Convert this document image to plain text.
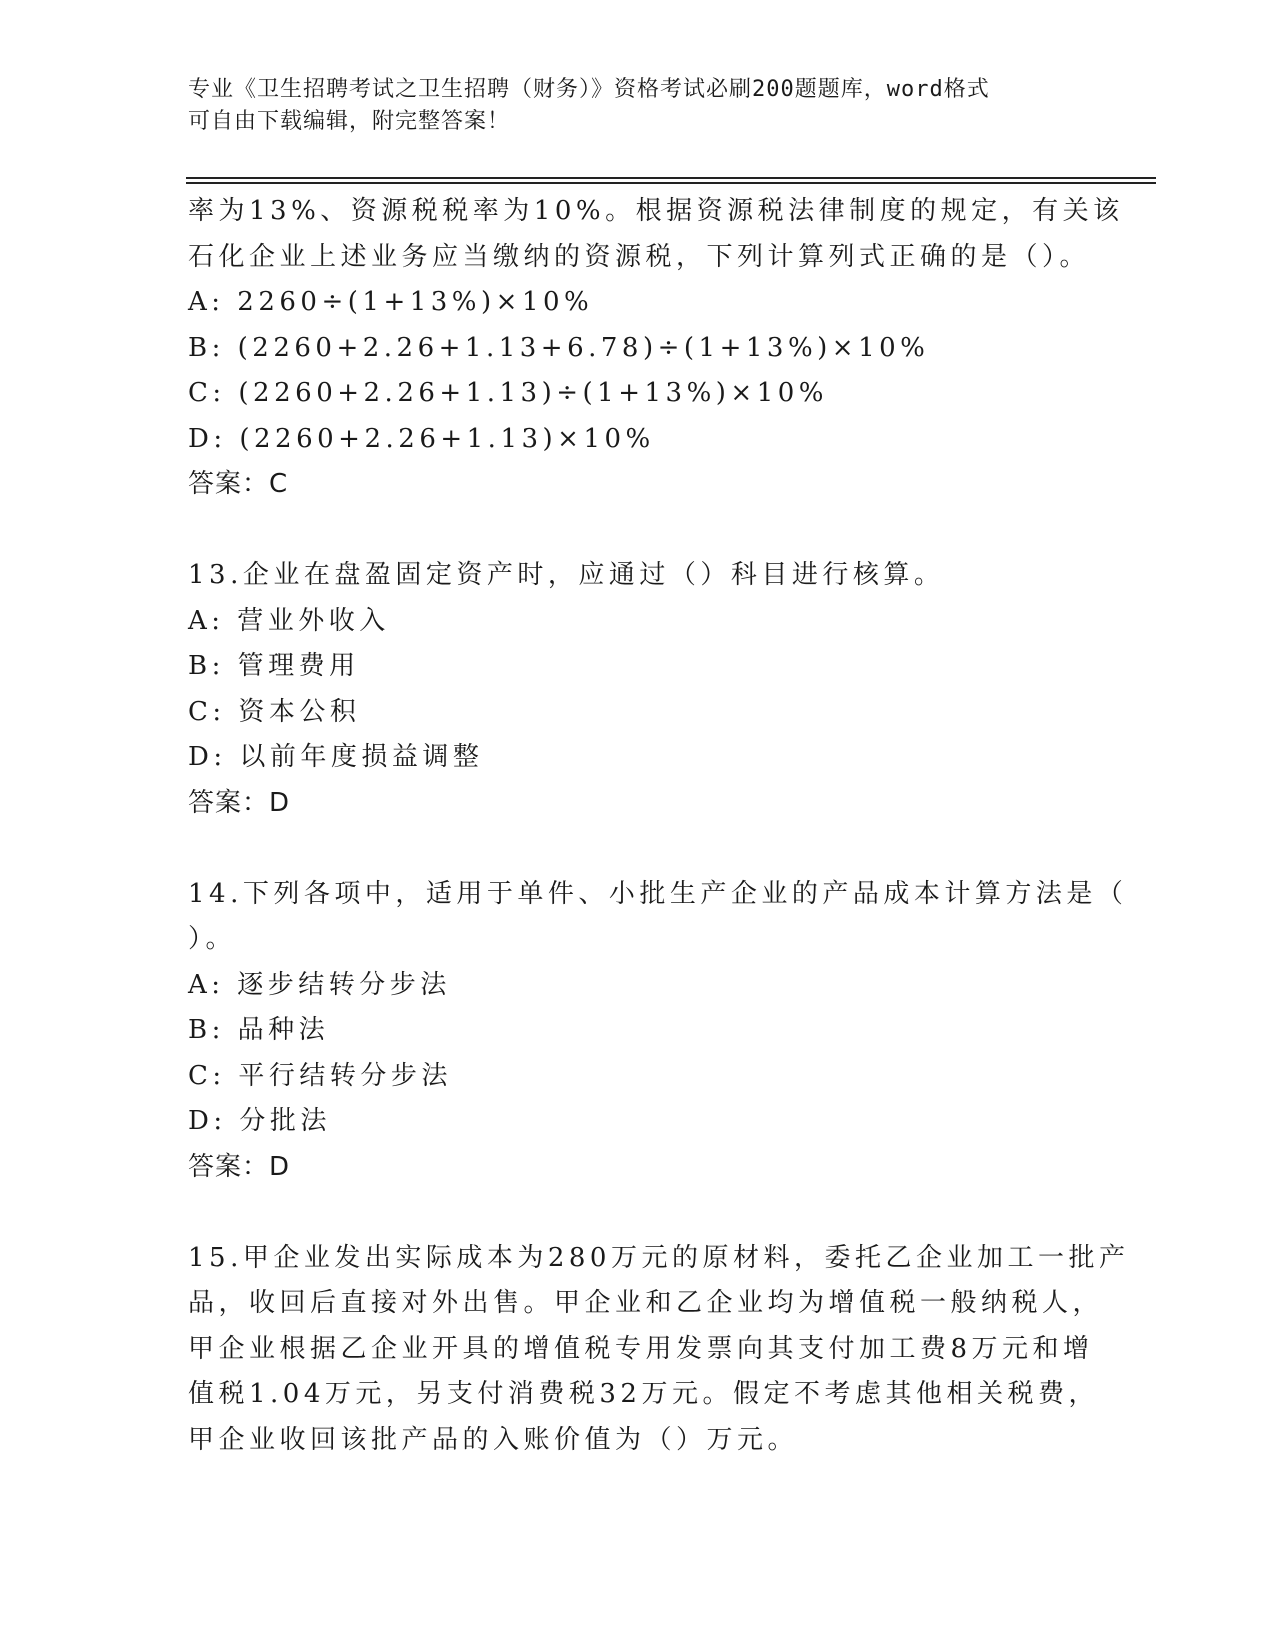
专业《卫生招聘考试之卫生招聘（财务）》资格考试必刷200题题库，word格式
可自由下载编辑，附完整答案！
率为13%、资源税税率为10%。根据资源税法律制度的规定，有关该
石化企业上述业务应当缴纳的资源税，下列计算列式正确的是（）。
A: 2260÷(1+13%)×10%
B: (2260+2.26+1.13+6.78)÷(1+13%)×10%
C: (2260+2.26+1.13)÷(1+13%)×10%
D: (2260+2.26+1.13)×10%
答案：C
13.企业在盘盈固定资产时，应通过（）科目进行核算。
A: 营业外收入
B: 管理费用
C: 资本公积
D: 以前年度损益调整
答案：D
14.下列各项中，适用于单件、小批生产企业的产品成本计算方法是（
）。
A: 逐步结转分步法
B: 品种法
C: 平行结转分步法
D: 分批法
答案：D
15.甲企业发出实际成本为280万元的原材料，委托乙企业加工一批产
品，收回后直接对外出售。甲企业和乙企业均为增值税一般纳税人，
甲企业根据乙企业开具的增值税专用发票向其支付加工费8万元和增
值税1.04万元，另支付消费税32万元。假定不考虑其他相关税费，
甲企业收回该批产品的入账价值为（）万元。
